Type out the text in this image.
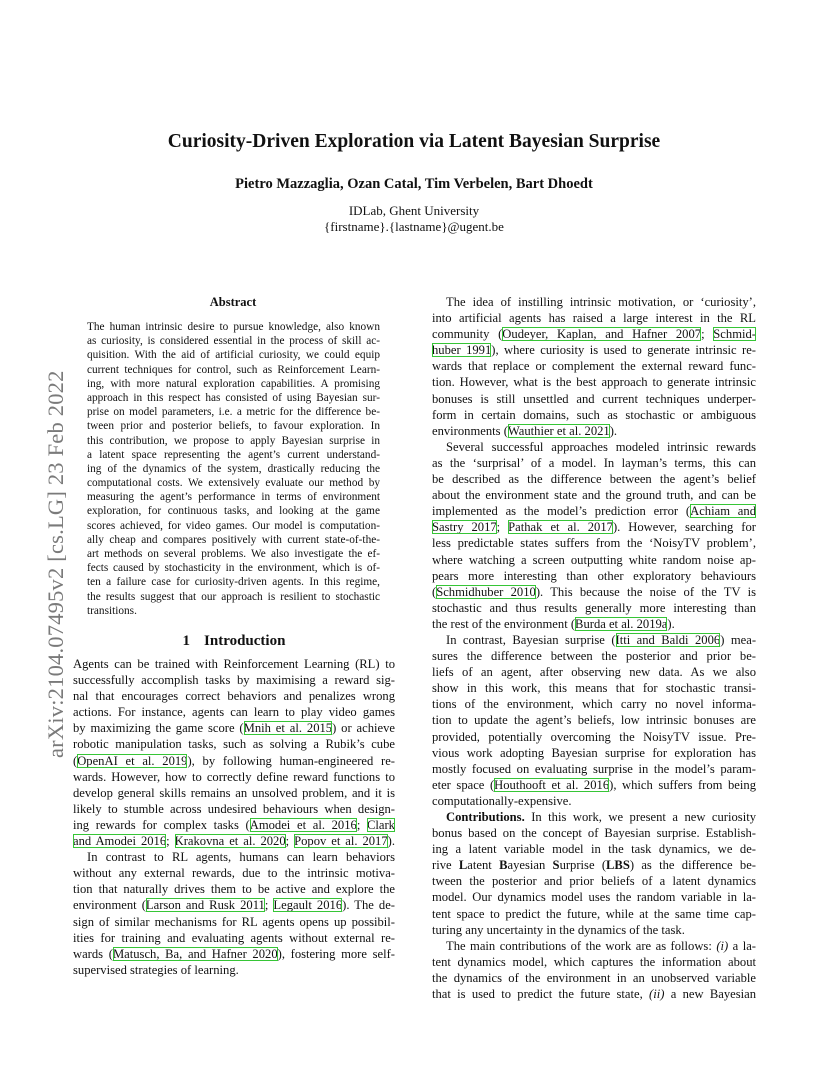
arXiv:2104.07495v2 [cs.LG] 23 Feb 2022
Curiosity-Driven Exploration via Latent Bayesian Surprise
Pietro Mazzaglia, Ozan Catal, Tim Verbelen, Bart Dhoedt
IDLab, Ghent University
{firstname}.{lastname}@ugent.be
Abstract
The human intrinsic desire to pursue knowledge, also known
as curiosity, is considered essential in the process of skill ac-
quisition. With the aid of artificial curiosity, we could equip
current techniques for control, such as Reinforcement Learn-
ing, with more natural exploration capabilities. A promising
approach in this respect has consisted of using Bayesian sur-
prise on model parameters, i.e. a metric for the difference be-
tween prior and posterior beliefs, to favour exploration. In
this contribution, we propose to apply Bayesian surprise in
a latent space representing the agent’s current understand-
ing of the dynamics of the system, drastically reducing the
computational costs. We extensively evaluate our method by
measuring the agent’s performance in terms of environment
exploration, for continuous tasks, and looking at the game
scores achieved, for video games. Our model is computation-
ally cheap and compares positively with current state-of-the-
art methods on several problems. We also investigate the ef-
fects caused by stochasticity in the environment, which is of-
ten a failure case for curiosity-driven agents. In this regime,
the results suggest that our approach is resilient to stochastic
transitions.
1 Introduction
Agents can be trained with Reinforcement Learning (RL) to
successfully accomplish tasks by maximising a reward sig-
nal that encourages correct behaviors and penalizes wrong
actions. For instance, agents can learn to play video games
by maximizing the game score (Mnih et al. 2015) or achieve
robotic manipulation tasks, such as solving a Rubik’s cube
(OpenAI et al. 2019), by following human-engineered re-
wards. However, how to correctly define reward functions to
develop general skills remains an unsolved problem, and it is
likely to stumble across undesired behaviours when design-
ing rewards for complex tasks (Amodei et al. 2016; Clark
and Amodei 2016; Krakovna et al. 2020; Popov et al. 2017).
In contrast to RL agents, humans can learn behaviors
without any external rewards, due to the intrinsic motiva-
tion that naturally drives them to be active and explore the
environment (Larson and Rusk 2011; Legault 2016). The de-
sign of similar mechanisms for RL agents opens up possibil-
ities for training and evaluating agents without external re-
wards (Matusch, Ba, and Hafner 2020), fostering more self-
supervised strategies of learning.
The idea of instilling intrinsic motivation, or ‘curiosity’,
into artificial agents has raised a large interest in the RL
community (Oudeyer, Kaplan, and Hafner 2007; Schmid-
huber 1991), where curiosity is used to generate intrinsic re-
wards that replace or complement the external reward func-
tion. However, what is the best approach to generate intrinsic
bonuses is still unsettled and current techniques underper-
form in certain domains, such as stochastic or ambiguous
environments (Wauthier et al. 2021).
Several successful approaches modeled intrinsic rewards
as the ‘surprisal’ of a model. In layman’s terms, this can
be described as the difference between the agent’s belief
about the environment state and the ground truth, and can be
implemented as the model’s prediction error (Achiam and
Sastry 2017; Pathak et al. 2017). However, searching for
less predictable states suffers from the ‘NoisyTV problem’,
where watching a screen outputting white random noise ap-
pears more interesting than other exploratory behaviours
(Schmidhuber 2010). This because the noise of the TV is
stochastic and thus results generally more interesting than
the rest of the environment (Burda et al. 2019a).
In contrast, Bayesian surprise (Itti and Baldi 2006) mea-
sures the difference between the posterior and prior be-
liefs of an agent, after observing new data. As we also
show in this work, this means that for stochastic transi-
tions of the environment, which carry no novel informa-
tion to update the agent’s beliefs, low intrinsic bonuses are
provided, potentially overcoming the NoisyTV issue. Pre-
vious work adopting Bayesian surprise for exploration has
mostly focused on evaluating surprise in the model’s param-
eter space (Houthooft et al. 2016), which suffers from being
computationally-expensive.
Contributions. In this work, we present a new curiosity
bonus based on the concept of Bayesian surprise. Establish-
ing a latent variable model in the task dynamics, we de-
rive Latent Bayesian Surprise (LBS) as the difference be-
tween the posterior and prior beliefs of a latent dynamics
model. Our dynamics model uses the random variable in la-
tent space to predict the future, while at the same time cap-
turing any uncertainty in the dynamics of the task.
The main contributions of the work are as follows: (i) a la-
tent dynamics model, which captures the information about
the dynamics of the environment in an unobserved variable
that is used to predict the future state, (ii) a new Bayesian
